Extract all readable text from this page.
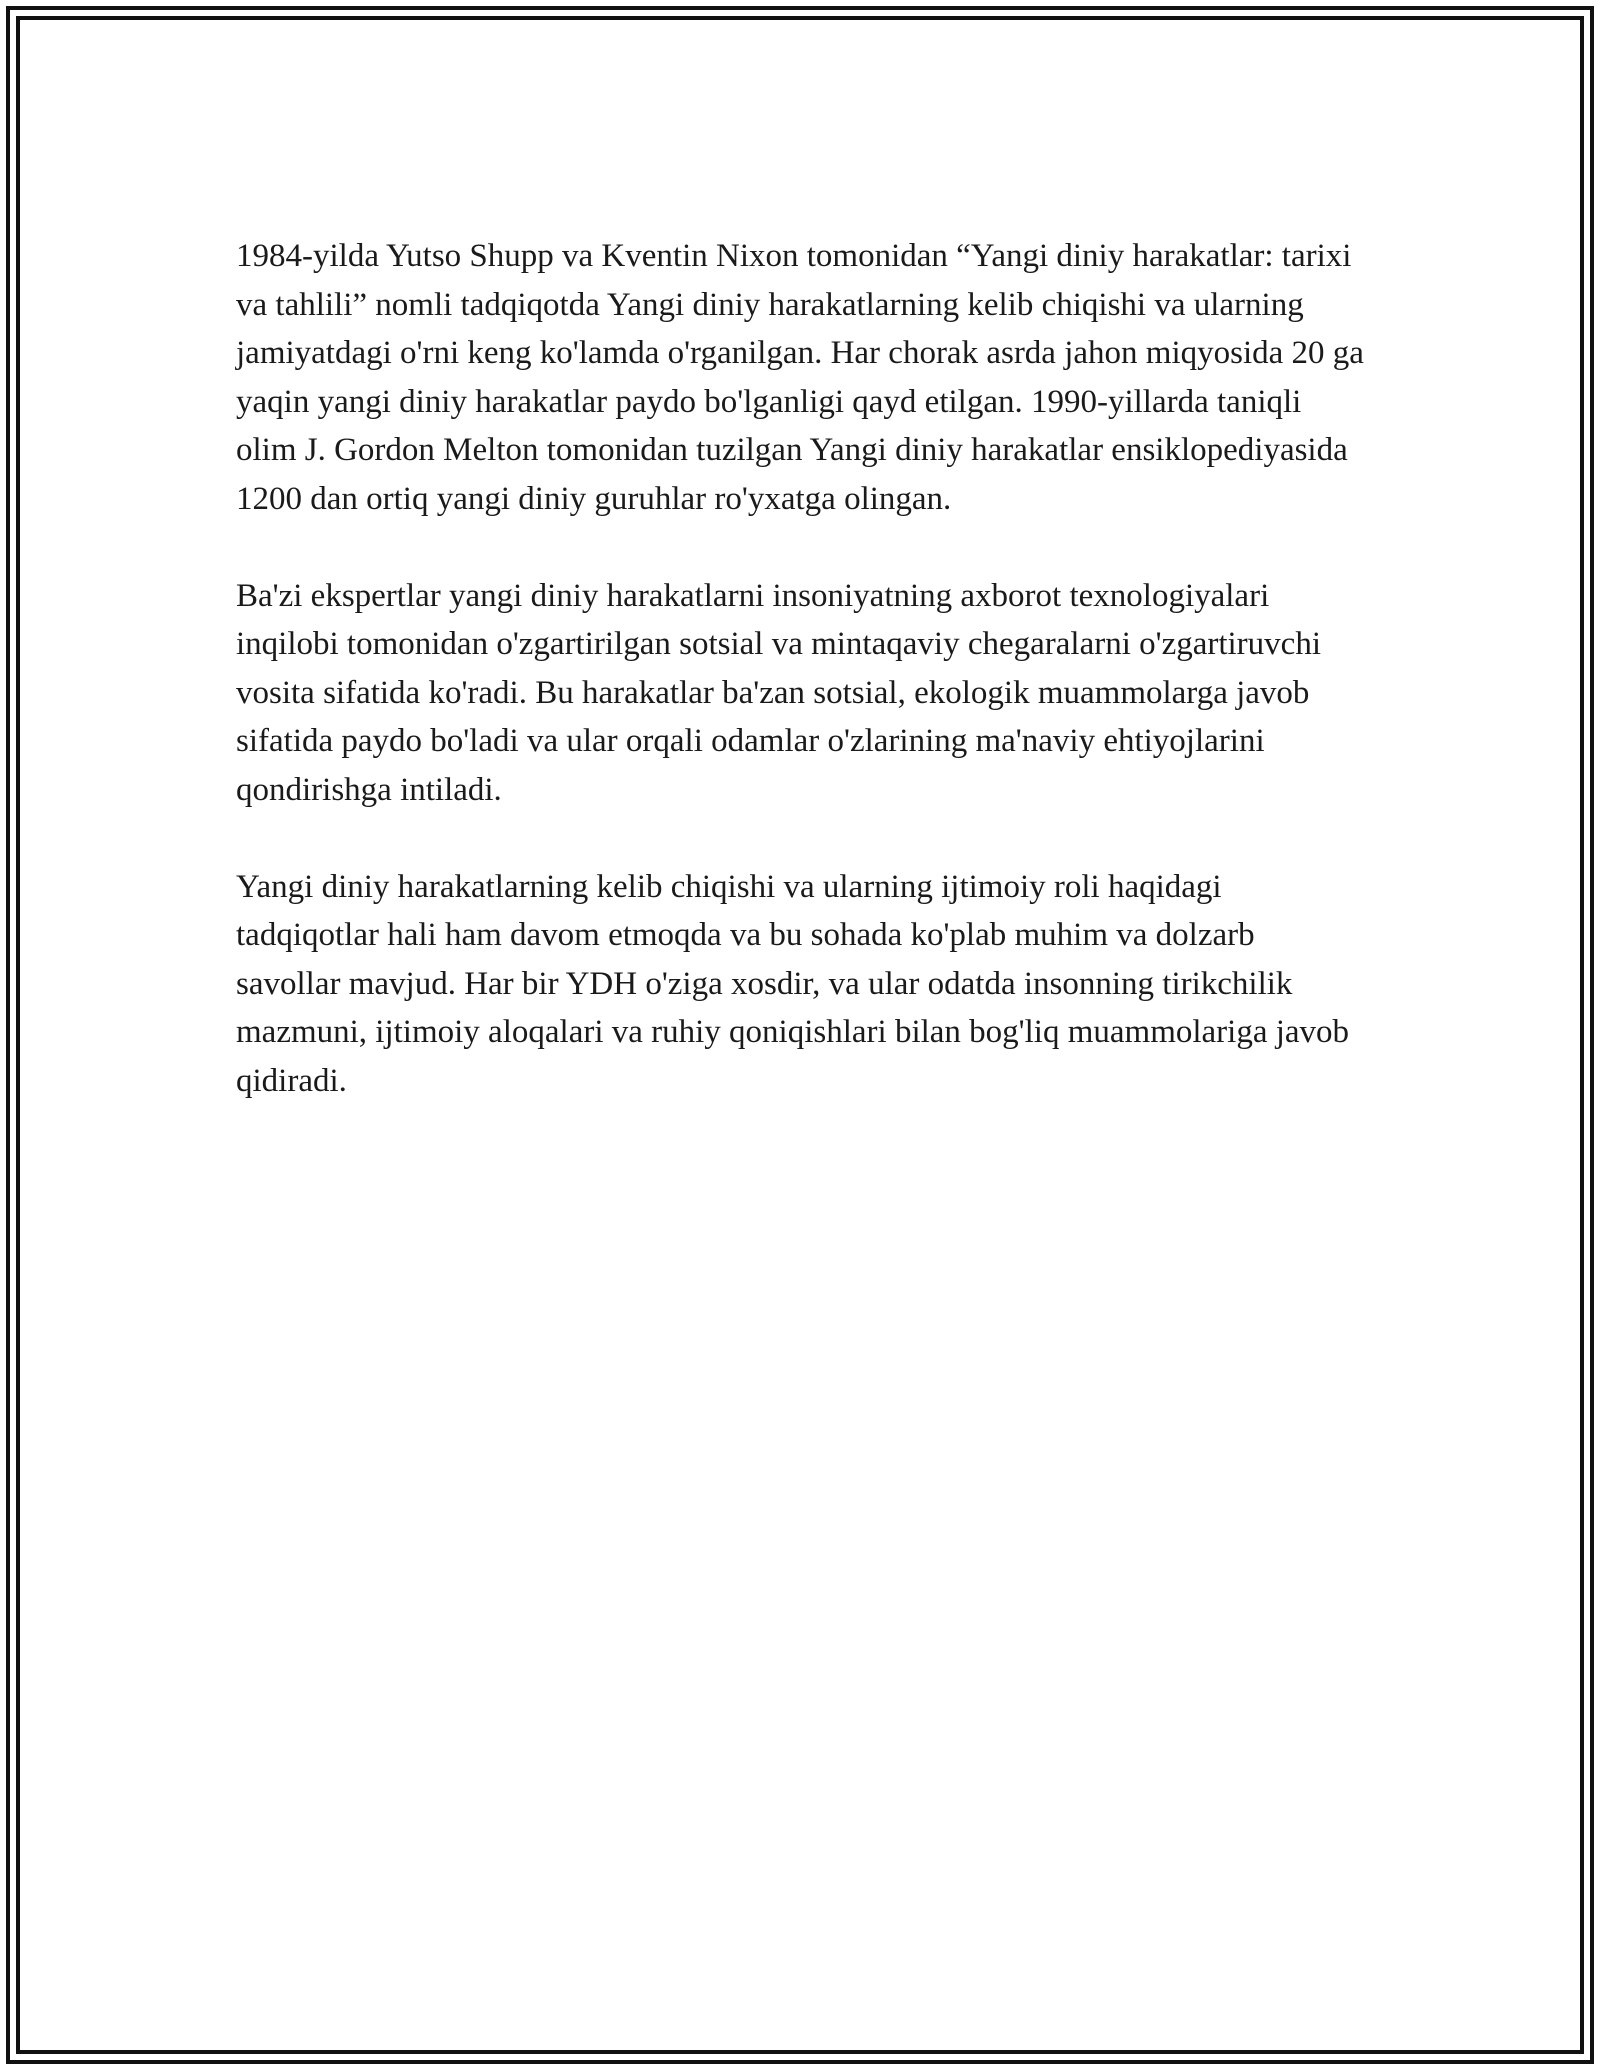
1984-yilda Yutso Shupp va Kventin Nixon tomonidan “Yangi diniy harakatlar: tarixi va tahlili” nomli tadqiqotda Yangi diniy harakatlarning kelib chiqishi va ularning jamiyatdagi o'rni keng ko'lamda o'rganilgan. Har chorak asrda jahon miqyosida 20 ga yaqin yangi diniy harakatlar paydo bo'lganligi qayd etilgan. 1990-yillarda taniqli olim J. Gordon Melton tomonidan tuzilgan Yangi diniy harakatlar ensiklopediyasida 1200 dan ortiq yangi diniy guruhlar ro'yxatga olingan.

Ba'zi ekspertlar yangi diniy harakatlarni insoniyatning axborot texnologiyalari inqilobi tomonidan o'zgartirilgan sotsial va mintaqaviy chegaralarni o'zgartiruvchi vosita sifatida ko'radi. Bu harakatlar ba'zan sotsial, ekologik muammolarga javob sifatida paydo bo'ladi va ular orqali odamlar o'zlarining ma'naviy ehtiyojlarini qondirishga intiladi.

Yangi diniy harakatlarning kelib chiqishi va ularning ijtimoiy roli haqidagi tadqiqotlar hali ham davom etmoqda va bu sohada ko'plab muhim va dolzarb savollar mavjud. Har bir YDH o'ziga xosdir, va ular odatda insonning tirikchilik mazmuni, ijtimoiy aloqalari va ruhiy qoniqishlari bilan bog'liq muammolariga javob qidiradi.
